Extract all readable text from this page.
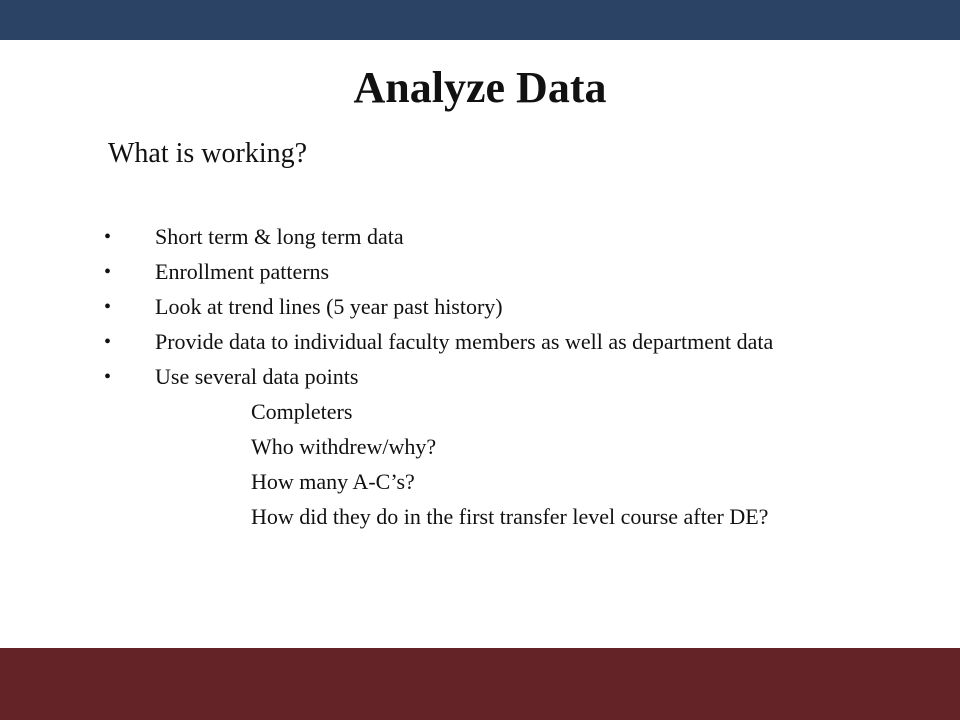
Analyze Data

What is working?

• Short term & long term data
• Enrollment patterns
• Look at trend lines (5 year past history)
• Provide data to individual faculty members as well as department data
• Use several data points
Completers
Who withdrew/why?
How many A-C’s?
How did they do in the first transfer level course after DE?
